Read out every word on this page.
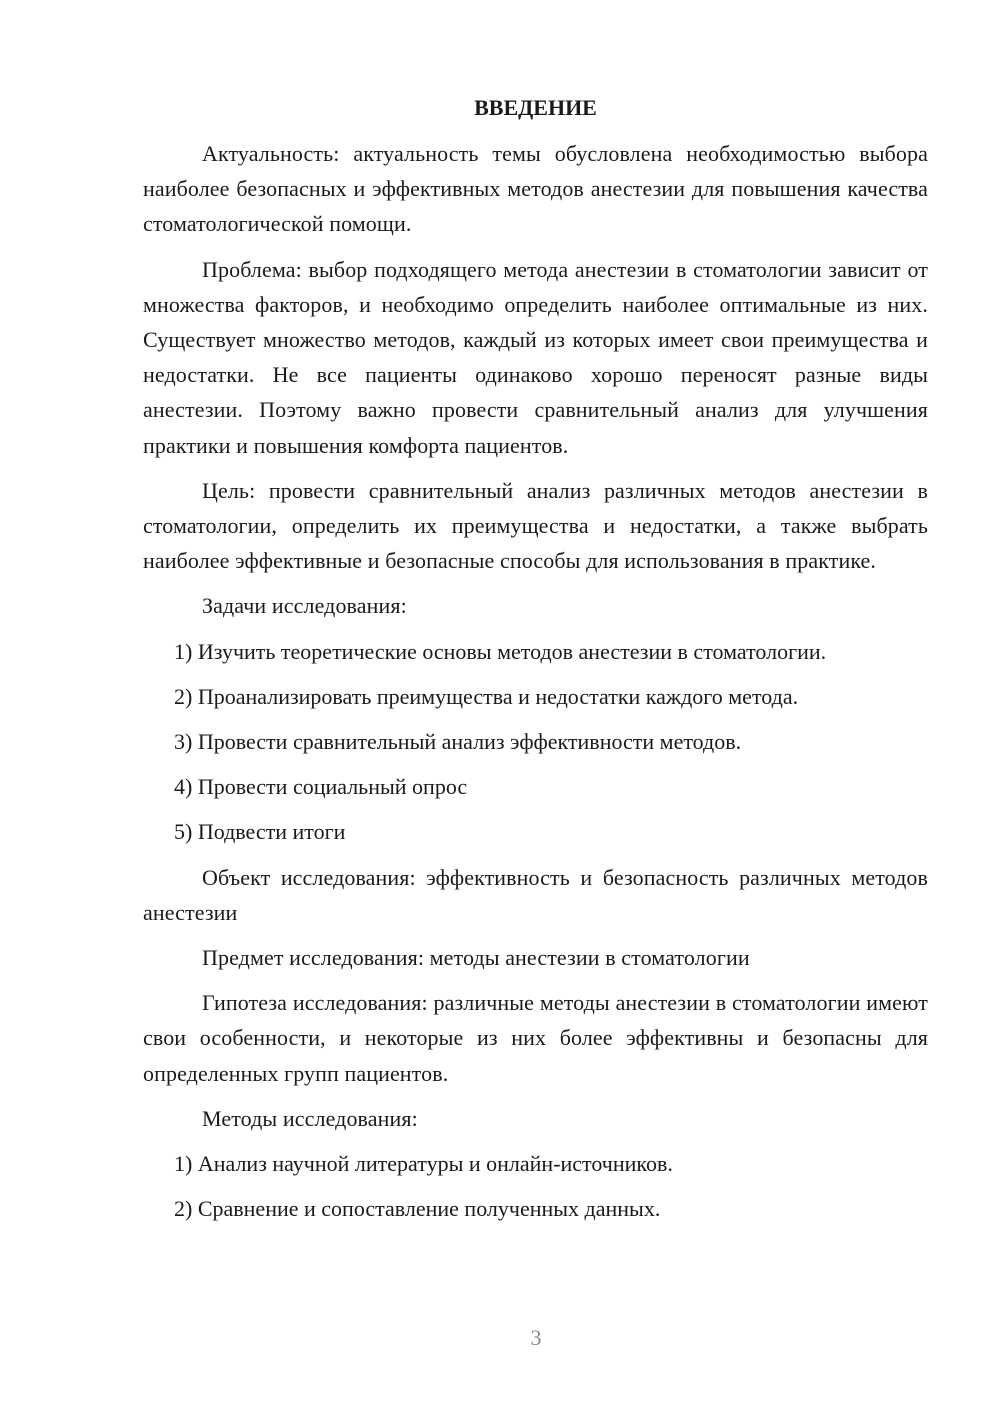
ВВЕДЕНИЕ

Актуальность: актуальность темы обусловлена необходимостью выбора наиболее безопасных и эффективных методов анестезии для повышения качества стоматологической помощи.

Проблема: выбор подходящего метода анестезии в стоматологии зависит от множества факторов, и необходимо определить наиболее оптимальные из них. Существует множество методов, каждый из которых имеет свои преимущества и недостатки. Не все пациенты одинаково хорошо переносят разные виды анестезии. Поэтому важно провести сравнительный анализ для улучшения практики и повышения комфорта пациентов.

Цель: провести сравнительный анализ различных методов анестезии в стоматологии, определить их преимущества и недостатки, а также выбрать наиболее эффективные и безопасные способы для использования в практике.

Задачи исследования:

1) Изучить теоретические основы методов анестезии в стоматологии.

2) Проанализировать преимущества и недостатки каждого метода.

3) Провести сравнительный анализ эффективности методов.

4) Провести социальный опрос

5) Подвести итоги

Объект исследования: эффективность и безопасность различных методов анестезии

Предмет исследования: методы анестезии в стоматологии

Гипотеза исследования: различные методы анестезии в стоматологии имеют свои особенности, и некоторые из них более эффективны и безопасны для определенных групп пациентов.

Методы исследования:

1) Анализ научной литературы и онлайн-источников.

2) Сравнение и сопоставление полученных данных.

3
